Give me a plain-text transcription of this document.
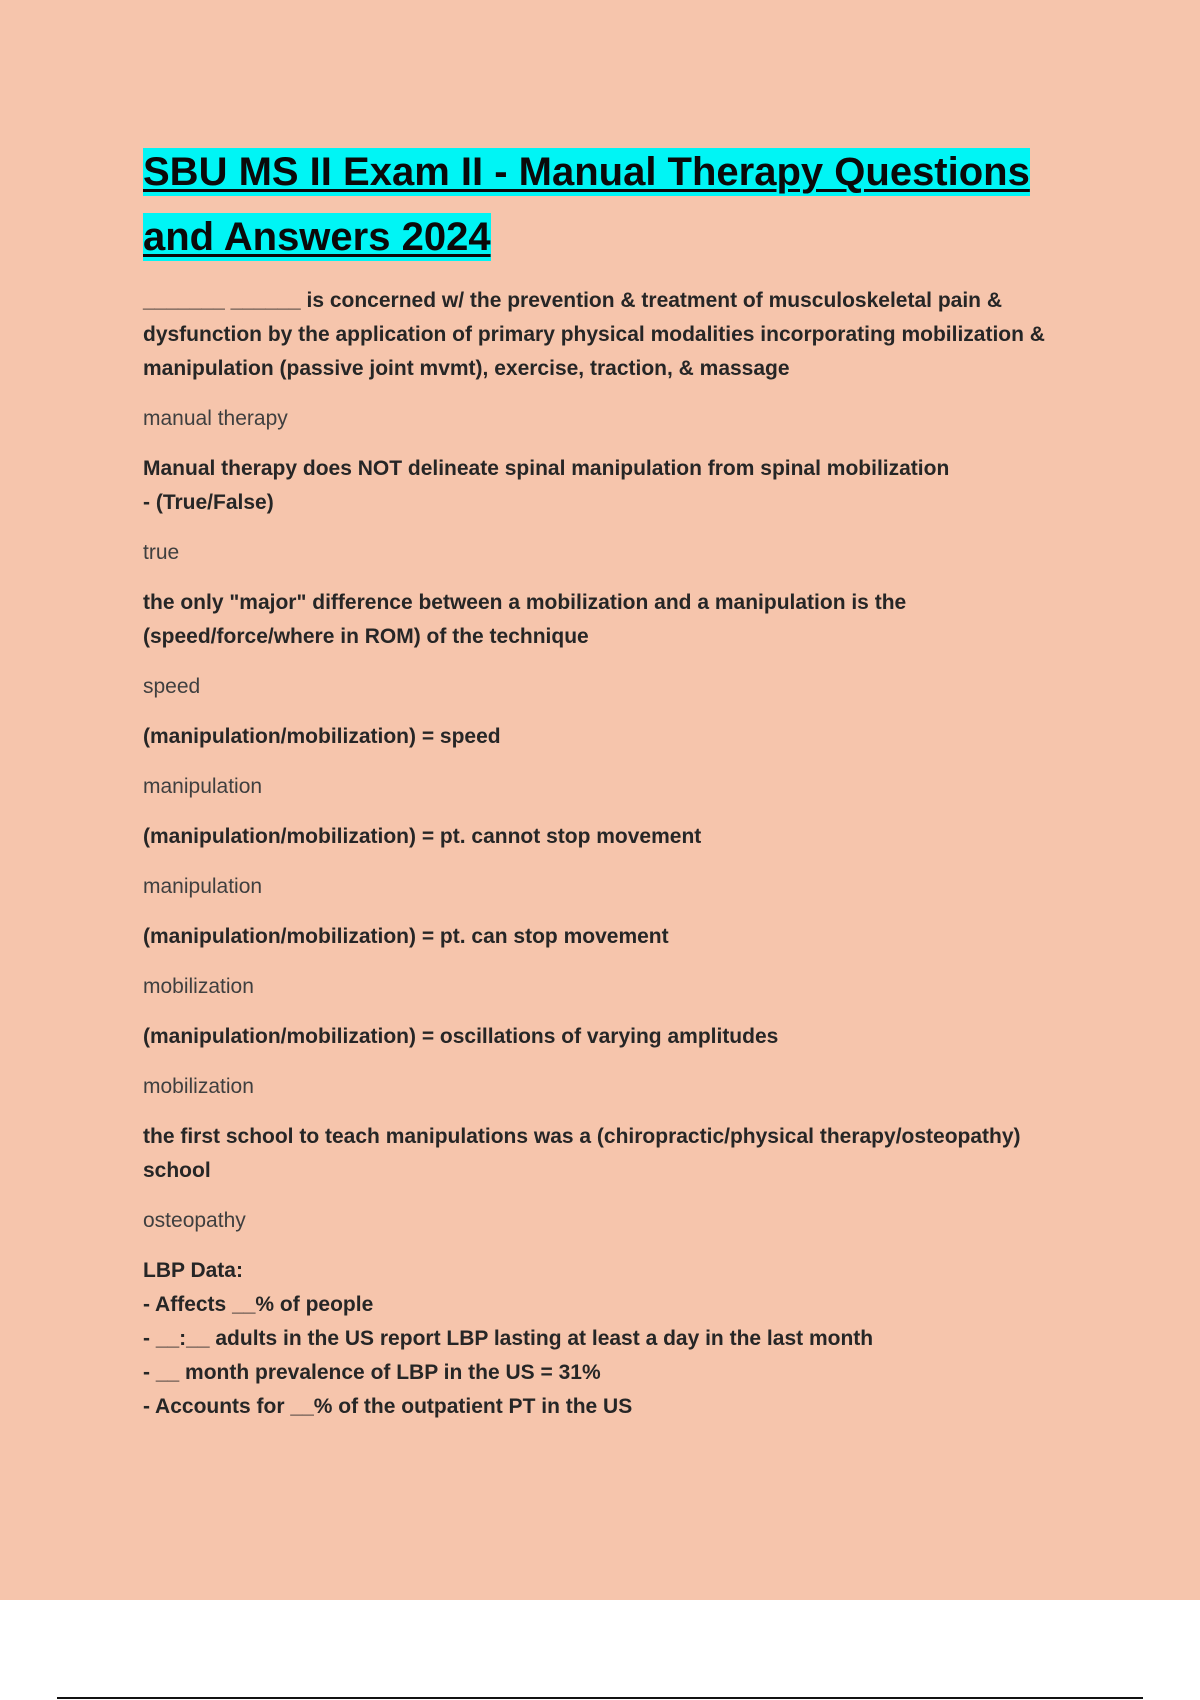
SBU MS II Exam II - Manual Therapy Questions and Answers 2024
_______ ______ is concerned w/ the prevention & treatment of musculoskeletal pain & dysfunction by the application of primary physical modalities incorporating mobilization & manipulation (passive joint mvmt), exercise, traction, & massage
manual therapy
Manual therapy does NOT delineate spinal manipulation from spinal mobilization
- (True/False)
true
the only "major" difference between a mobilization and a manipulation is the (speed/force/where in ROM) of the technique
speed
(manipulation/mobilization) = speed
manipulation
(manipulation/mobilization) = pt. cannot stop movement
manipulation
(manipulation/mobilization) = pt. can stop movement
mobilization
(manipulation/mobilization) = oscillations of varying amplitudes
mobilization
the first school to teach manipulations was a (chiropractic/physical therapy/osteopathy) school
osteopathy
LBP Data:
- Affects __% of people
- __:__ adults in the US report LBP lasting at least a day in the last month
- __ month prevalence of LBP in the US = 31%
- Accounts for __% of the outpatient PT in the US
